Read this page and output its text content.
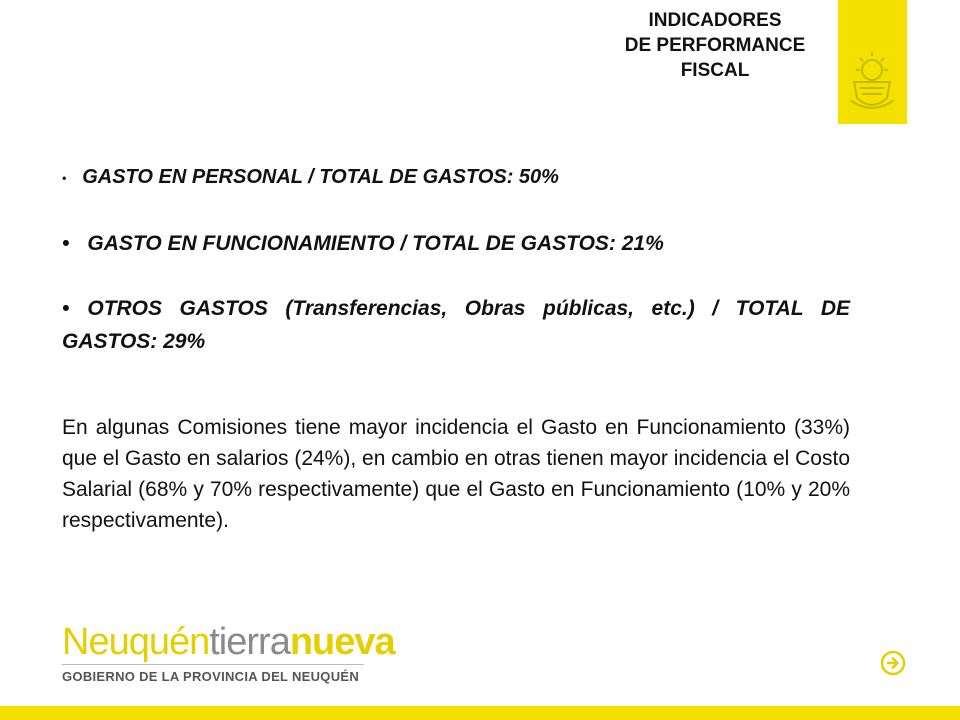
INDICADORES
DE PERFORMANCE
FISCAL
• GASTO EN PERSONAL / TOTAL DE GASTOS: 50%
• GASTO EN FUNCIONAMIENTO / TOTAL DE GASTOS: 21%
• OTROS GASTOS (Transferencias, Obras públicas, etc.) / TOTAL DE GASTOS: 29%
En algunas Comisiones tiene mayor incidencia el Gasto en Funcionamiento (33%) que el Gasto en salarios (24%), en cambio en otras tienen mayor incidencia el Costo Salarial (68% y 70% respectivamente) que el Gasto en Funcionamiento (10% y 20% respectivamente).
Neuquéntierranueva
GOBIERNO DE LA PROVINCIA DEL NEUQUÉN
